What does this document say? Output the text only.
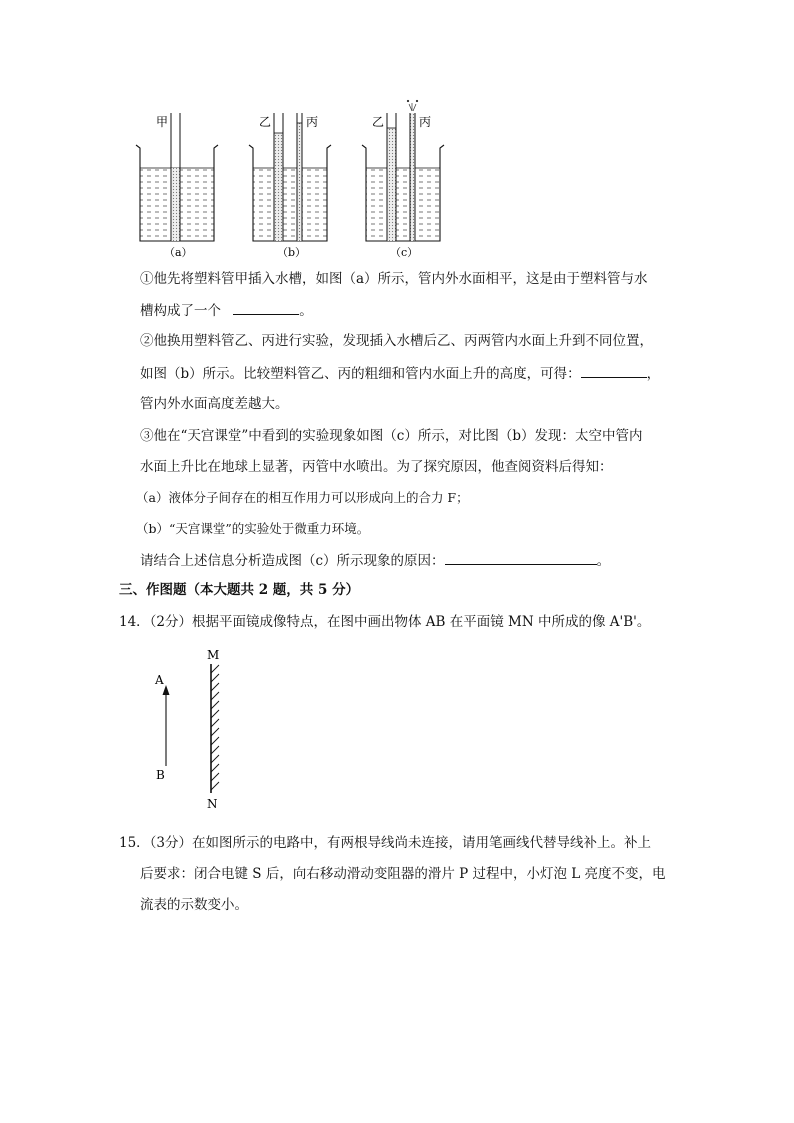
甲
（a）
乙	丙
（b）
乙	丙
（c）
①他先将塑料管甲插入水槽，如图（a）所示，管内外水面相平，这是由于塑料管与水
槽构成了一个	。
②他换用塑料管乙、丙进行实验，发现插入水槽后乙、丙两管内水面上升到不同位置，
如图（b）所示。比较塑料管乙、丙的粗细和管内水面上升的高度，可得：	，
管内外水面高度差越大。
③他在“天宫课堂”中看到的实验现象如图（c）所示，对比图（b）发现：太空中管内
水面上升比在地球上显著，丙管中水喷出。为了探究原因，他查阅资料后得知：
（a）液体分子间存在的相互作用力可以形成向上的合力 F；
（b）“天宫课堂”的实验处于微重力环境。
请结合上述信息分析造成图（c）所示现象的原因：	。
三、作图题（本大题共 2 题，共 5 分）
14．（2分）根据平面镜成像特点，在图中画出物体 AB 在平面镜 MN 中所成的像 A'B'。
M
N
A
B
15．（3分）在如图所示的电路中，有两根导线尚未连接，请用笔画线代替导线补上。补上
后要求：闭合电键 S 后，向右移动滑动变阻器的滑片 P 过程中，小灯泡 L 亮度不变，电
流表的示数变小。
